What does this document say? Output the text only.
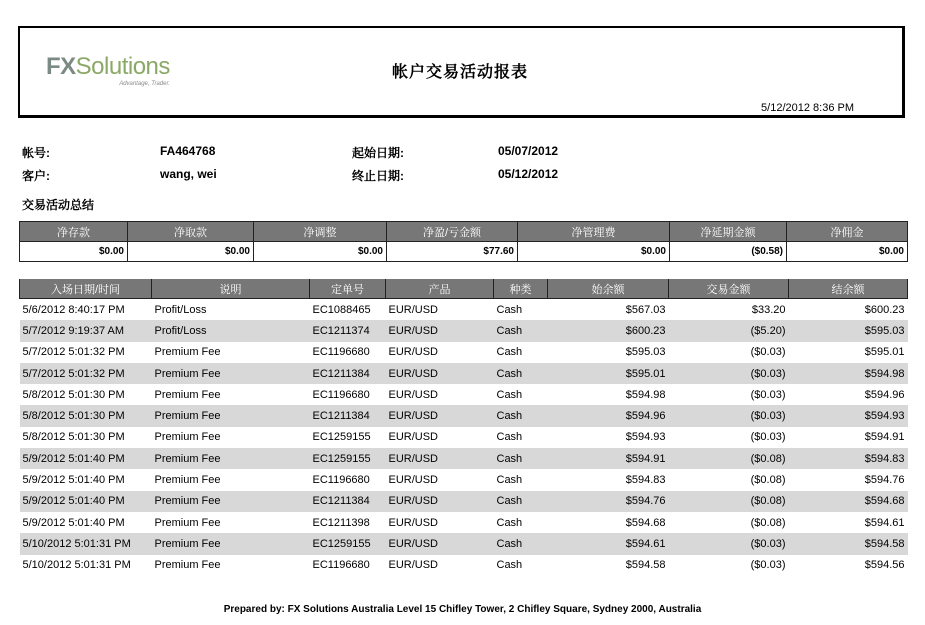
FXSolutions
Advantage, Trader.
帐户交易活动报表
5/12/2012 8:36 PM
帐号:	FA464768	起始日期:	05/07/2012
客户:	wang, wei	终止日期:	05/12/2012
交易活动总结
净存款	净取款	净调整	净盈/亏金额	净管理费	净延期金额	净佣金
$0.00	$0.00	$0.00	$77.60	$0.00	($0.58)	$0.00
入场日期/时间	说明	定单号	产品	种类	始余额	交易金额	结余额
5/6/2012 8:40:17 PM	Profit/Loss	EC1088465	EUR/USD	Cash	$567.03	$33.20	$600.23
5/7/2012 9:19:37 AM	Profit/Loss	EC1211374	EUR/USD	Cash	$600.23	($5.20)	$595.03
5/7/2012 5:01:32 PM	Premium Fee	EC1196680	EUR/USD	Cash	$595.03	($0.03)	$595.01
5/7/2012 5:01:32 PM	Premium Fee	EC1211384	EUR/USD	Cash	$595.01	($0.03)	$594.98
5/8/2012 5:01:30 PM	Premium Fee	EC1196680	EUR/USD	Cash	$594.98	($0.03)	$594.96
5/8/2012 5:01:30 PM	Premium Fee	EC1211384	EUR/USD	Cash	$594.96	($0.03)	$594.93
5/8/2012 5:01:30 PM	Premium Fee	EC1259155	EUR/USD	Cash	$594.93	($0.03)	$594.91
5/9/2012 5:01:40 PM	Premium Fee	EC1259155	EUR/USD	Cash	$594.91	($0.08)	$594.83
5/9/2012 5:01:40 PM	Premium Fee	EC1196680	EUR/USD	Cash	$594.83	($0.08)	$594.76
5/9/2012 5:01:40 PM	Premium Fee	EC1211384	EUR/USD	Cash	$594.76	($0.08)	$594.68
5/9/2012 5:01:40 PM	Premium Fee	EC1211398	EUR/USD	Cash	$594.68	($0.08)	$594.61
5/10/2012 5:01:31 PM	Premium Fee	EC1259155	EUR/USD	Cash	$594.61	($0.03)	$594.58
5/10/2012 5:01:31 PM	Premium Fee	EC1196680	EUR/USD	Cash	$594.58	($0.03)	$594.56
Prepared by: FX Solutions Australia Level 15 Chifley Tower, 2 Chifley Square, Sydney 2000, Australia
